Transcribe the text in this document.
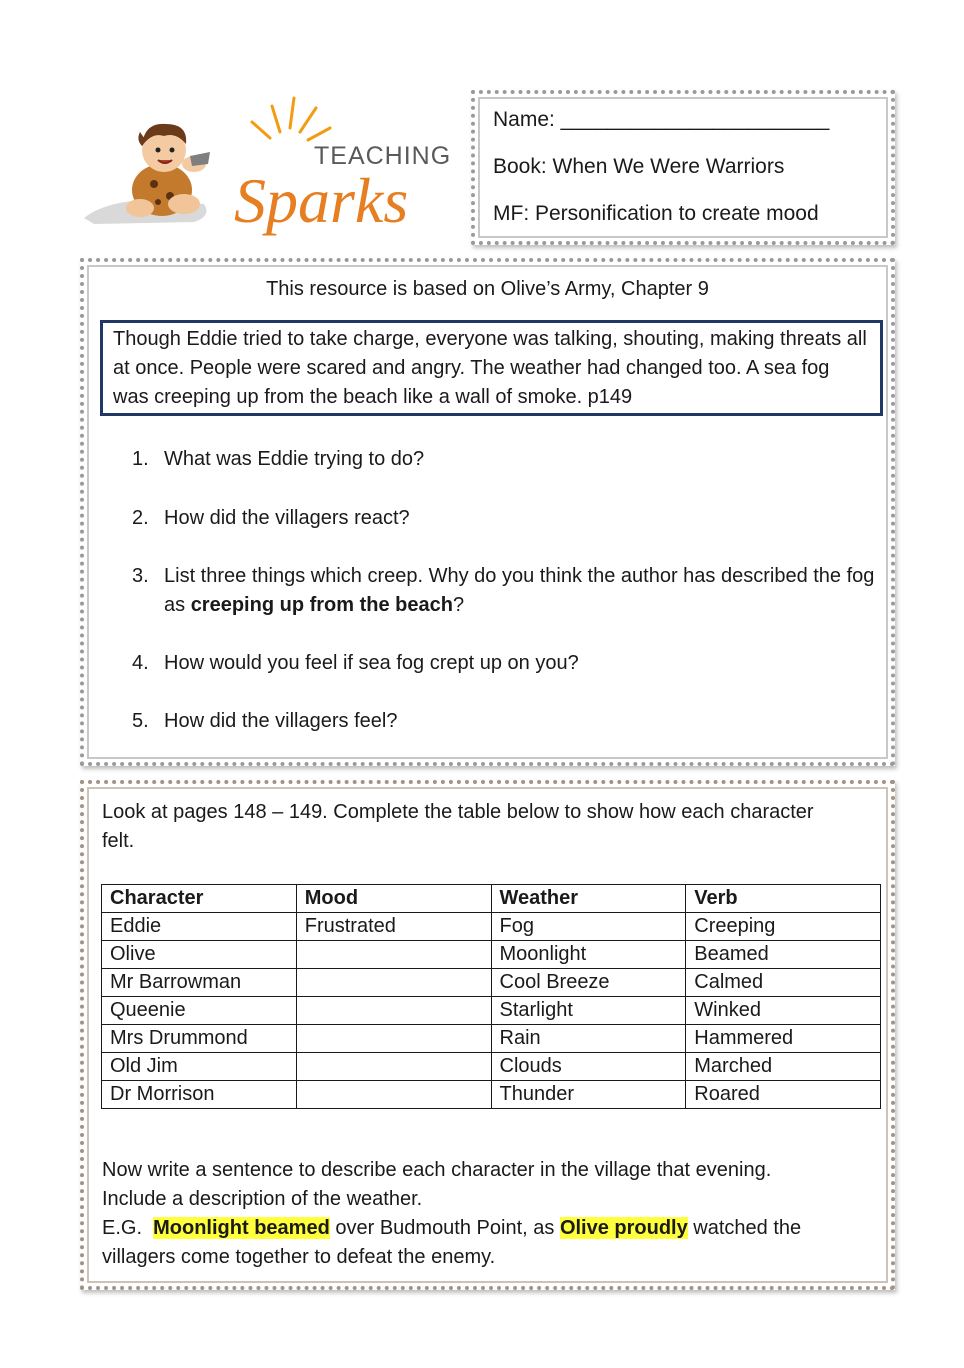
TEACHING
Sparks
Name: _______________________
Book: When We Were Warriors
MF: Personification to create mood
This resource is based on Olive’s Army, Chapter 9
Though Eddie tried to take charge, everyone was talking, shouting, making threats all at once. People were scared and angry. The weather had changed too. A sea fog was creeping up from the beach like a wall of smoke. p149
1. What was Eddie trying to do?
2. How did the villagers react?
3. List three things which creep. Why do you think the author has described the fog as creeping up from the beach?
4. How would you feel if sea fog crept up on you?
5. How did the villagers feel?
Look at pages 148 – 149. Complete the table below to show how each character felt.
Character	Mood	Weather	Verb
Eddie	Frustrated	Fog	Creeping
Olive		Moonlight	Beamed
Mr Barrowman		Cool Breeze	Calmed
Queenie		Starlight	Winked
Mrs Drummond		Rain	Hammered
Old Jim		Clouds	Marched
Dr Morrison		Thunder	Roared
Now write a sentence to describe each character in the village that evening.
Include a description of the weather.
E.G.  Moonlight beamed over Budmouth Point, as Olive proudly watched the villagers come together to defeat the enemy.
